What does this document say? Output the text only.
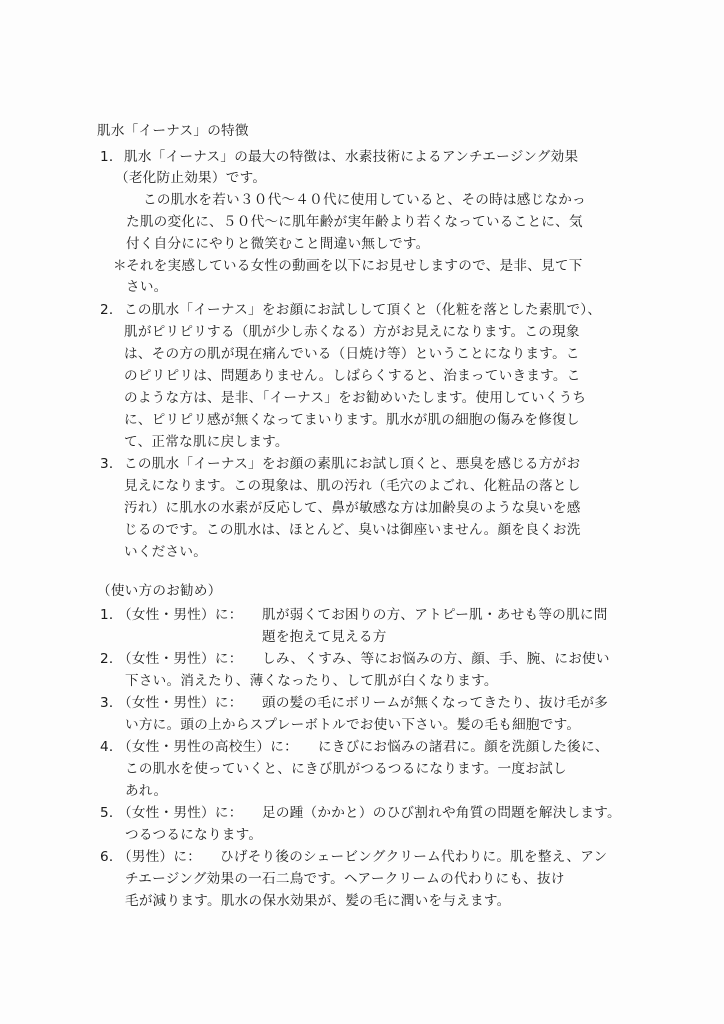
肌水「イーナス」の特徴
1． 肌水「イーナス」の最大の特徴は、水素技術によるアンチエージング効果
（老化防止効果）です。
この肌水を若い３０代～４０代に使用していると、その時は感じなかっ
た肌の変化に、５０代～に肌年齢が実年齢より若くなっていることに、気
付く自分ににやりと微笑むこと間違い無しです。
＊ それを実感している女性の動画を以下にお見せしますので、是非、見て下
さい。
2． この肌水「イーナス」をお顔にお試しして頂くと（化粧を落とした素肌で）、
肌がピリピリする（肌が少し赤くなる）方がお見えになります。この現象
は、その方の肌が現在痛んでいる（日焼け等）ということになります。こ
のピリピリは、問題ありません。しばらくすると、治まっていきます。こ
のような方は、是非、「イーナス」をお勧めいたします。使用していくうち
に、ピリピリ感が無くなってまいります。肌水が肌の細胞の傷みを修復し
て、正常な肌に戻します。
3． この肌水「イーナス」をお顔の素肌にお試し頂くと、悪臭を感じる方がお
見えになります。この現象は、肌の汚れ（毛穴のよごれ、化粧品の落とし
汚れ）に肌水の水素が反応して、鼻が敏感な方は加齢臭のような臭いを感
じるのです。この肌水は、ほとんど、臭いは御座いません。顔を良くお洗
いください。
（使い方のお勧め）
1．
（女性・男性）に： 肌が弱くてお困りの方、アトピー肌・あせも等の肌に問
題を抱えて見える方
2．
（女性・男性）に： しみ、くすみ、等にお悩みの方、顔、手、腕、にお使い
下さい。消えたり、薄くなったり、して肌が白くなります。
3．
（女性・男性）に： 頭の髪の毛にボリームが無くなってきたり、抜け毛が多
い方に。頭の上からスプレーボトルでお使い下さい。髪の毛も細胞です。
4．
（女性・男性の高校生）に： にきびにお悩みの諸君に。顔を洗顔した後に、
この肌水を使っていくと、にきび肌がつるつるになります。一度お試し
あれ。
5．
（女性・男性）に： 足の踵（かかと）のひび割れや角質の問題を解決します。
つるつるになります。
6．
（男性）に： ひげそり後のシェービングクリーム代わりに。肌を整え、アン
チエージング効果の一石二鳥です。ヘアークリームの代わりにも、抜け
毛が減ります。肌水の保水効果が、髪の毛に潤いを与えます。
